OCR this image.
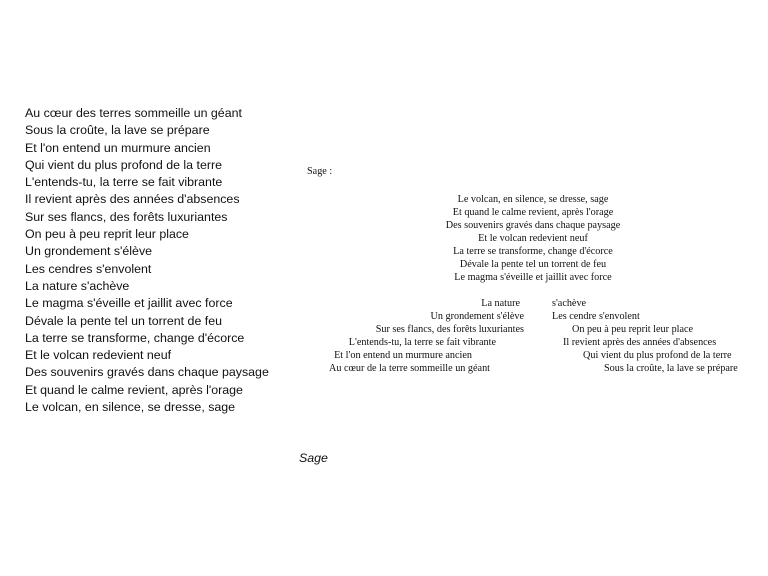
Au cœur des terres sommeille un géant
Sous la croûte, la lave se prépare
Et l'on entend un murmure ancien
Qui vient du plus profond de la terre
L'entends-tu, la terre se fait vibrante
Il revient après des années d'absences
Sur ses flancs, des forêts luxuriantes
On peu à peu reprit leur place
Un grondement s'élève
Les cendres s'envolent
La nature s'achève
Le magma s'éveille et jaillit avec force
Dévale la pente tel un torrent de feu
La terre se transforme, change d'écorce
Et le volcan redevient neuf
Des souvenirs gravés dans chaque paysage
Et quand le calme revient, après l'orage
Le volcan, en silence, se dresse, sage
Sage :
Le volcan, en silence, se dresse, sage
Et quand le calme revient, après l'orage
Des souvenirs gravés dans chaque paysage
Et le volcan redevient neuf
La terre se transforme, change d'écorce
Dévale la pente tel un torrent de feu
Le magma s'éveille et jaillit avec force
La nature
Un grondement s'élève
Sur ses flancs, des forêts luxuriantes
L'entends-tu, la terre se fait vibrante
Et l'on entend un murmure ancien
Au cœur de la terre sommeille un géant
s'achève
Les cendre s'envolent
On peu à peu reprit leur place
Il revient après des années d'absences
Qui vient du plus profond de la terre
Sous la croûte, la lave se prépare
Sage
